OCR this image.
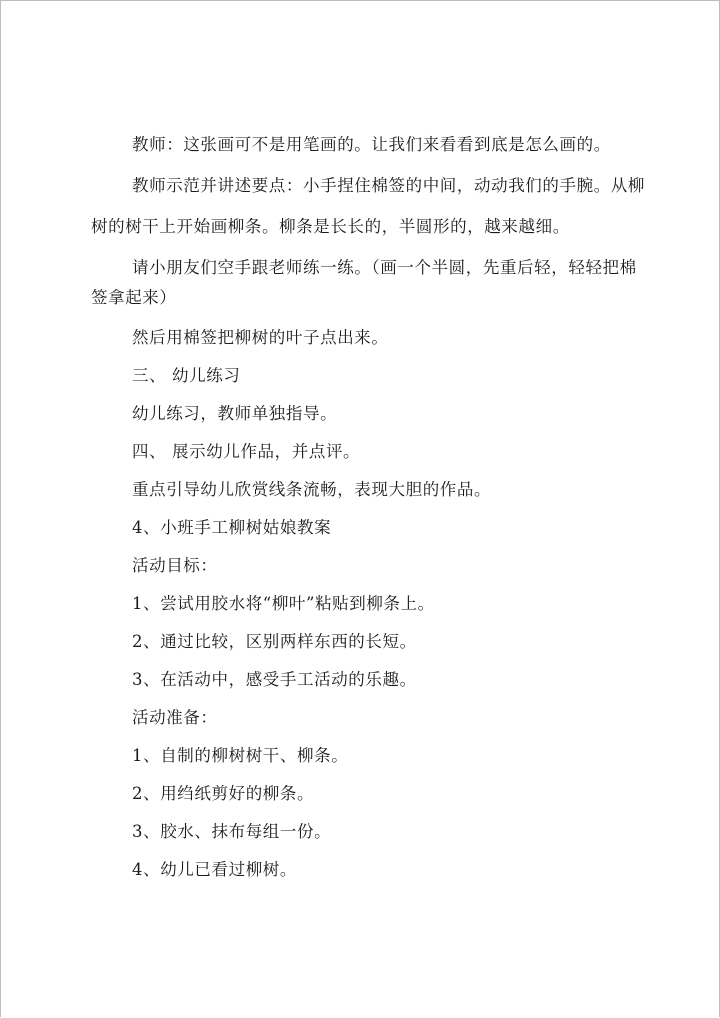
教师：这张画可不是用笔画的。让我们来看看到底是怎么画的。
教师示范并讲述要点：小手捏住棉签的中间，动动我们的手腕。从柳
树的树干上开始画柳条。柳条是长长的，半圆形的，越来越细。
请小朋友们空手跟老师练一练。（画一个半圆，先重后轻，轻轻把棉
签拿起来）
然后用棉签把柳树的叶子点出来。
三、 幼儿练习
幼儿练习，教师单独指导。
四、 展示幼儿作品，并点评。
重点引导幼儿欣赏线条流畅，表现大胆的作品。
4、小班手工柳树姑娘教案
活动目标：
1、尝试用胶水将“柳叶”粘贴到柳条上。
2、通过比较，区别两样东西的长短。
3、在活动中，感受手工活动的乐趣。
活动准备：
1、自制的柳树树干、柳条。
2、用绉纸剪好的柳条。
3、胶水、抹布每组一份。
4、幼儿已看过柳树。
